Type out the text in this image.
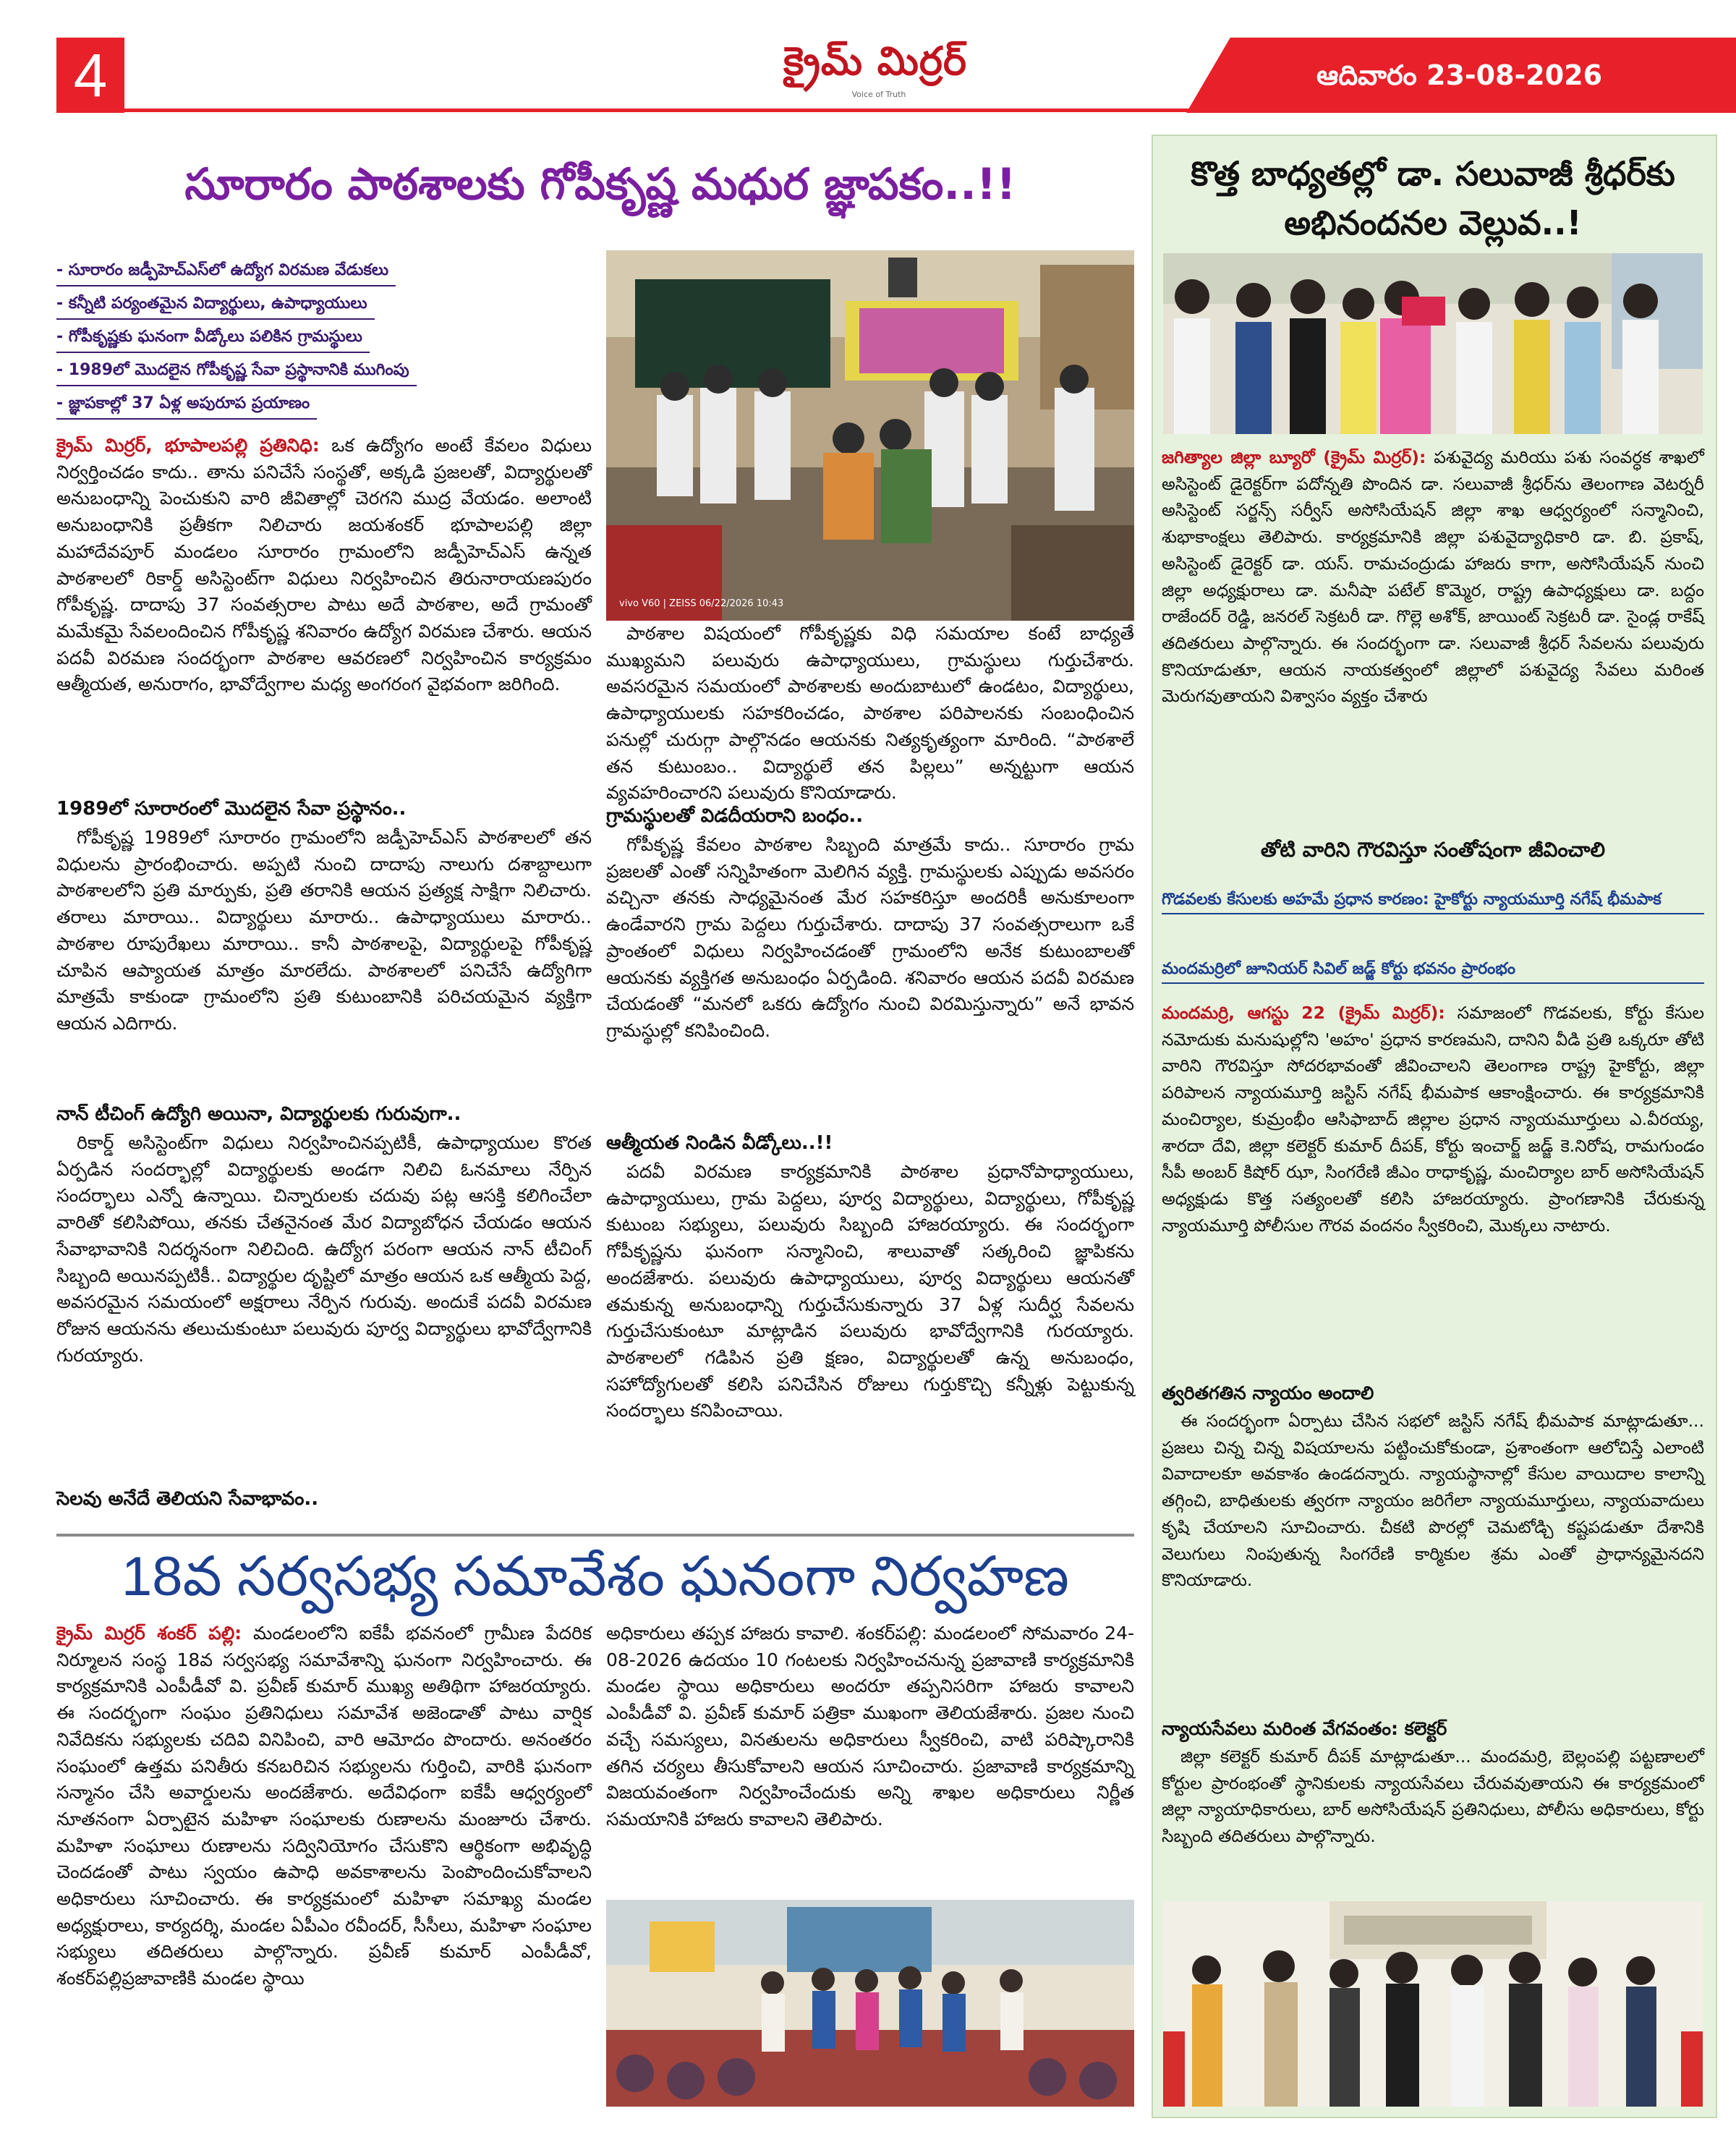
4	క్రైమ్ మిర్రర్
Voice of Truth
ఆదివారం 23-08-2026
సూరారం పాఠశాలకు గోపీకృష్ణ మధుర జ్ఞాపకం..!!
- సూరారం జడ్పీహెచ్ఎస్‌లో ఉద్యోగ విరమణ వేడుకలు
- కన్నీటి పర్యంతమైన విద్యార్థులు, ఉపాధ్యాయులు
- గోపీకృష్ణకు ఘనంగా వీడ్కోలు పలికిన గ్రామస్థులు
- 1989లో మొదలైన గోపీకృష్ణ సేవా ప్రస్థానానికి ముగింపు
- జ్ఞాపకాల్లో 37 ఏళ్ల అపురూప ప్రయాణం

క్రైమ్ మిర్రర్, భూపాలపల్లి ప్రతినిధి: ఒక ఉద్యోగం అంటే కేవలం విధులు నిర్వర్తించడం కాదు.. తాను పనిచేసే సంస్థతో, అక్కడి ప్రజలతో, విద్యార్థులతో అనుబంధాన్ని పెంచుకుని వారి జీవితాల్లో చెరగని ముద్ర వేయడం. అలాంటి అనుబంధానికి ప్రతీకగా నిలిచారు జయశంకర్ భూపాలపల్లి జిల్లా మహాదేవపూర్ మండలం సూరారం గ్రామంలోని జడ్పీహెచ్ఎస్ ఉన్నత పాఠశాలలో రికార్డ్ అసిస్టెంట్‌గా విధులు నిర్వహించిన తిరునారాయణపురం గోపీకృష్ణ. దాదాపు 37 సంవత్సరాల పాటు అదే పాఠశాల, అదే గ్రామంతో మమేకమై సేవలందించిన గోపీకృష్ణ శనివారం ఉద్యోగ విరమణ చేశారు. ఆయన పదవీ విరమణ సందర్భంగా పాఠశాల ఆవరణలో నిర్వహించిన కార్యక్రమం ఆత్మీయత, అనురాగం, భావోద్వేగాల మధ్య అంగరంగ వైభవంగా జరిగింది.

1989లో సూరారంలో మొదలైన సేవా ప్రస్థానం..

గోపీకృష్ణ 1989లో సూరారం గ్రామంలోని జడ్పీహెచ్ఎస్ పాఠశాలలో తన విధులను ప్రారంభించారు. అప్పటి నుంచి దాదాపు నాలుగు దశాబ్దాలుగా పాఠశాలలోని ప్రతి మార్పుకు, ప్రతి తరానికి ఆయన ప్రత్యక్ష సాక్షిగా నిలిచారు. తరాలు మారాయి.. విద్యార్థులు మారారు.. ఉపాధ్యాయులు మారారు.. పాఠశాల రూపురేఖలు మారాయి.. కానీ పాఠశాలపై, విద్యార్థులపై గోపీకృష్ణ చూపిన ఆప్యాయత మాత్రం మారలేదు. పాఠశాలలో పనిచేసే ఉద్యోగిగా మాత్రమే కాకుండా గ్రామంలోని ప్రతి కుటుంబానికి పరిచయమైన వ్యక్తిగా ఆయన ఎదిగారు.

నాన్ టీచింగ్ ఉద్యోగి అయినా, విద్యార్థులకు గురువుగా..

రికార్డ్ అసిస్టెంట్‌గా విధులు నిర్వహించినప్పటికీ, ఉపాధ్యాయుల కొరత ఏర్పడిన సందర్భాల్లో విద్యార్థులకు అండగా నిలిచి ఓనమాలు నేర్పిన సందర్భాలు ఎన్నో ఉన్నాయి. చిన్నారులకు చదువు పట్ల ఆసక్తి కలిగించేలా వారితో కలిసిపోయి, తనకు చేతనైనంత మేర విద్యాబోధన చేయడం ఆయన సేవాభావానికి నిదర్శనంగా నిలిచింది. ఉద్యోగ పరంగా ఆయన నాన్ టీచింగ్ సిబ్బంది అయినప్పటికీ.. విద్యార్థుల దృష్టిలో మాత్రం ఆయన ఒక ఆత్మీయ పెద్ద, అవసరమైన సమయంలో అక్షరాలు నేర్పిన గురువు. అందుకే పదవీ విరమణ రోజున ఆయనను తలుచుకుంటూ పలువురు పూర్వ విద్యార్థులు భావోద్వేగానికి గురయ్యారు.

సెలవు అనేదే తెలియని సేవాభావం..
vivo V60 | ZEISS 06/22/2026 10:43

పాఠశాల విషయంలో గోపీకృష్ణకు విధి సమయాల కంటే బాధ్యతే ముఖ్యమని పలువురు ఉపాధ్యాయులు, గ్రామస్థులు గుర్తుచేశారు. అవసరమైన సమయంలో పాఠశాలకు అందుబాటులో ఉండటం, విద్యార్థులు, ఉపాధ్యాయులకు సహకరించడం, పాఠశాల పరిపాలనకు సంబంధించిన పనుల్లో చురుగ్గా పాల్గొనడం ఆయనకు నిత్యకృత్యంగా మారింది. “పాఠశాలే తన కుటుంబం.. విద్యార్థులే తన పిల్లలు” అన్నట్టుగా ఆయన వ్యవహరించారని పలువురు కొనియాడారు.

గ్రామస్థులతో విడదీయరాని బంధం..

గోపీకృష్ణ కేవలం పాఠశాల సిబ్బంది మాత్రమే కాదు.. సూరారం గ్రామ ప్రజలతో ఎంతో సన్నిహితంగా మెలిగిన వ్యక్తి. గ్రామస్థులకు ఎప్పుడు అవసరం వచ్చినా తనకు సాధ్యమైనంత మేర సహకరిస్తూ అందరికీ అనుకూలంగా ఉండేవారని గ్రామ పెద్దలు గుర్తుచేశారు. దాదాపు 37 సంవత్సరాలుగా ఒకే ప్రాంతంలో విధులు నిర్వహించడంతో గ్రామంలోని అనేక కుటుంబాలతో ఆయనకు వ్యక్తిగత అనుబంధం ఏర్పడింది. శనివారం ఆయన పదవీ విరమణ చేయడంతో “మనలో ఒకరు ఉద్యోగం నుంచి విరమిస్తున్నారు” అనే భావన గ్రామస్థుల్లో కనిపించింది.

ఆత్మీయత నిండిన వీడ్కోలు..!!

పదవీ విరమణ కార్యక్రమానికి పాఠశాల ప్రధానోపాధ్యాయులు, ఉపాధ్యాయులు, గ్రామ పెద్దలు, పూర్వ విద్యార్థులు, విద్యార్థులు, గోపీకృష్ణ కుటుంబ సభ్యులు, పలువురు సిబ్బంది హాజరయ్యారు. ఈ సందర్భంగా గోపీకృష్ణను ఘనంగా సన్మానించి, శాలువాతో సత్కరించి జ్ఞాపికను అందజేశారు. పలువురు ఉపాధ్యాయులు, పూర్వ విద్యార్థులు ఆయనతో తమకున్న అనుబంధాన్ని గుర్తుచేసుకున్నారు 37 ఏళ్ల సుదీర్ఘ సేవలను గుర్తుచేసుకుంటూ మాట్లాడిన పలువురు భావోద్వేగానికి గురయ్యారు. పాఠశాలలో గడిపిన ప్రతి క్షణం, విద్యార్థులతో ఉన్న అనుబంధం, సహోద్యోగులతో కలిసి పనిచేసిన రోజులు గుర్తుకొచ్చి కన్నీళ్లు పెట్టుకున్న సందర్భాలు కనిపించాయి.

18వ సర్వసభ్య సమావేశం ఘనంగా నిర్వహణ

క్రైమ్ మిర్రర్ శంకర్ పల్లి: మండలంలోని ఐకేపీ భవనంలో గ్రామీణ పేదరిక నిర్మూలన సంస్థ 18వ సర్వసభ్య సమావేశాన్ని ఘనంగా నిర్వహించారు. ఈ కార్యక్రమానికి ఎంపీడీవో వి. ప్రవీణ్ కుమార్ ముఖ్య అతిథిగా హాజరయ్యారు. ఈ సందర్భంగా సంఘం ప్రతినిధులు సమావేశ అజెండాతో పాటు వార్షిక నివేదికను సభ్యులకు చదివి వినిపించి, వారి ఆమోదం పొందారు. అనంతరం సంఘంలో ఉత్తమ పనితీరు కనబరిచిన సభ్యులను గుర్తించి, వారికి ఘనంగా సన్మానం చేసి అవార్డులను అందజేశారు. అదేవిధంగా ఐకేపీ ఆధ్వర్యంలో నూతనంగా ఏర్పాటైన మహిళా సంఘాలకు రుణాలను మంజూరు చేశారు. మహిళా సంఘాలు రుణాలను సద్వినియోగం చేసుకొని ఆర్థికంగా అభివృద్ధి చెందడంతో పాటు స్వయం ఉపాధి అవకాశాలను పెంపొందించుకోవాలని అధికారులు సూచించారు. ఈ కార్యక్రమంలో మహిళా సమాఖ్య మండల అధ్యక్షురాలు, కార్యదర్శి, మండల ఏపీఎం రవీందర్, సీసీలు, మహిళా సంఘాల సభ్యులు తదితరులు పాల్గొన్నారు. ప్రవీణ్ కుమార్ ఎంపీడీవో, శంకర్‌పల్లిప్రజావాణికి మండల స్థాయి

అధికారులు తప్పక హాజరు కావాలి. శంకర్‌పల్లి: మండలంలో సోమవారం 24-08-2026 ఉదయం 10 గంటలకు నిర్వహించనున్న ప్రజావాణి కార్యక్రమానికి మండల స్థాయి అధికారులు అందరూ తప్పనిసరిగా హాజరు కావాలని ఎంపీడీవో వి. ప్రవీణ్ కుమార్ పత్రికా ముఖంగా తెలియజేశారు. ప్రజల నుంచి వచ్చే సమస్యలు, వినతులను అధికారులు స్వీకరించి, వాటి పరిష్కారానికి తగిన చర్యలు తీసుకోవాలని ఆయన సూచించారు. ప్రజావాణి కార్యక్రమాన్ని విజయవంతంగా నిర్వహించేందుకు అన్ని శాఖల అధికారులు నిర్ణీత సమయానికి హాజరు కావాలని తెలిపారు.

కొత్త బాధ్యతల్లో డా. సలువాజీ శ్రీధర్‌కు అభినందనల వెల్లువ..!

జగిత్యాల జిల్లా బ్యూరో (క్రైమ్ మిర్రర్): పశువైద్య మరియు పశు సంవర్ధక శాఖలో అసిస్టెంట్ డైరెక్టర్‌గా పదోన్నతి పొందిన డా. సలువాజీ శ్రీధర్‌ను తెలంగాణ వెటర్నరీ అసిస్టెంట్ సర్జన్స్ సర్వీస్ అసోసియేషన్ జిల్లా శాఖ ఆధ్వర్యంలో సన్మానించి, శుభాకాంక్షలు తెలిపారు. కార్యక్రమానికి జిల్లా పశువైద్యాధికారి డా. బి. ప్రకాష్, అసిస్టెంట్ డైరెక్టర్ డా. యస్. రామచంద్రుడు హాజరు కాగా, అసోసియేషన్ నుంచి జిల్లా అధ్యక్షురాలు డా. మనీషా పటేల్ కొమ్మెర, రాష్ట్ర ఉపాధ్యక్షులు డా. బద్దం రాజేందర్ రెడ్డి, జనరల్ సెక్రటరీ డా. గొల్లె అశోక్, జాయింట్ సెక్రటరీ డా. సైండ్ల రాకేష్ తదితరులు పాల్గొన్నారు. ఈ సందర్భంగా డా. సలువాజీ శ్రీధర్ సేవలను పలువురు కొనియాడుతూ, ఆయన నాయకత్వంలో జిల్లాలో పశువైద్య సేవలు మరింత మెరుగవుతాయని విశ్వాసం వ్యక్తం చేశారు

తోటి వారిని గౌరవిస్తూ సంతోషంగా జీవించాలి
గొడవలకు కేసులకు అహమే ప్రధాన కారణం: హైకోర్టు న్యాయమూర్తి నగేష్ భీమపాక
మందమర్రిలో జూనియర్ సివిల్ జడ్జ్ కోర్టు భవనం ప్రారంభం

మందమర్రి, ఆగస్టు 22 (క్రైమ్ మిర్రర్): సమాజంలో గొడవలకు, కోర్టు కేసుల నమోదుకు మనుషుల్లోని 'అహం' ప్రధాన కారణమని, దానిని వీడి ప్రతి ఒక్కరూ తోటి వారిని గౌరవిస్తూ సోదరభావంతో జీవించాలని తెలంగాణ రాష్ట్ర హైకోర్టు, జిల్లా పరిపాలన న్యాయమూర్తి జస్టిస్ నగేష్ భీమపాక ఆకాంక్షించారు. ఈ కార్యక్రమానికి మంచిర్యాల, కుమ్రంభీం ఆసిఫాబాద్ జిల్లాల ప్రధాన న్యాయమూర్తులు ఎ.వీరయ్య, శారదా దేవి, జిల్లా కలెక్టర్ కుమార్ దీపక్, కోర్టు ఇంచార్జ్ జడ్జ్ కె.నిరోష, రామగుండం సీపీ అంబర్ కిషోర్ ఝా, సింగరేణి జీఎం రాధాకృష్ణ, మంచిర్యాల బార్ అసోసియేషన్ అధ్యక్షుడు కొత్త సత్యంలతో కలిసి హాజరయ్యారు. ప్రాంగణానికి చేరుకున్న న్యాయమూర్తి పోలీసుల గౌరవ వందనం స్వీకరించి, మొక్కలు నాటారు.

త్వరితగతిన న్యాయం అందాలి

ఈ సందర్భంగా ఏర్పాటు చేసిన సభలో జస్టిస్ నగేష్ భీమపాక మాట్లాడుతూ... ప్రజలు చిన్న చిన్న విషయాలను పట్టించుకోకుండా, ప్రశాంతంగా ఆలోచిస్తే ఎలాంటి వివాదాలకూ అవకాశం ఉండదన్నారు. న్యాయస్థానాల్లో కేసుల వాయిదాల కాలాన్ని తగ్గించి, బాధితులకు త్వరగా న్యాయం జరిగేలా న్యాయమూర్తులు, న్యాయవాదులు కృషి చేయాలని సూచించారు. చీకటి పొరల్లో చెమటోడ్చి కష్టపడుతూ దేశానికి వెలుగులు నింపుతున్న సింగరేణి కార్మికుల శ్రమ ఎంతో ప్రాధాన్యమైనదని కొనియాడారు.

న్యాయసేవలు మరింత వేగవంతం: కలెక్టర్

జిల్లా కలెక్టర్ కుమార్ దీపక్ మాట్లాడుతూ... మందమర్రి, బెల్లంపల్లి పట్టణాలలో కోర్టుల ప్రారంభంతో స్థానికులకు న్యాయసేవలు చేరువవుతాయని ఈ కార్యక్రమంలో జిల్లా న్యాయాధికారులు, బార్ అసోసియేషన్ ప్రతినిధులు, పోలీసు అధికారులు, కోర్టు సిబ్బంది తదితరులు పాల్గొన్నారు.
